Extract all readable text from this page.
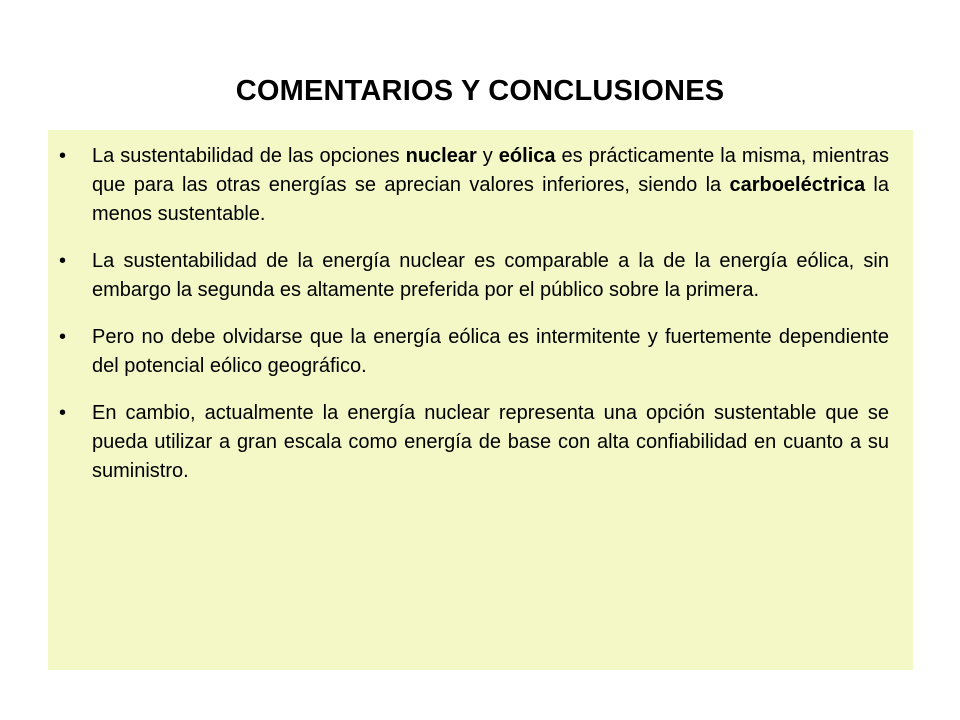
COMENTARIOS Y CONCLUSIONES
• La sustentabilidad de las opciones nuclear y eólica es prácticamente la misma, mientras que para las otras energías se aprecian valores inferiores, siendo la carboeléctrica la menos sustentable.
• La sustentabilidad de la energía nuclear es comparable a la de la energía eólica, sin embargo la segunda es altamente preferida por el público sobre la primera.
• Pero no debe olvidarse que la energía eólica es intermitente y fuertemente dependiente del potencial eólico geográfico.
• En cambio, actualmente la energía nuclear representa una opción sustentable que se pueda utilizar a gran escala como energía de base con alta confiabilidad en cuanto a su suministro.
